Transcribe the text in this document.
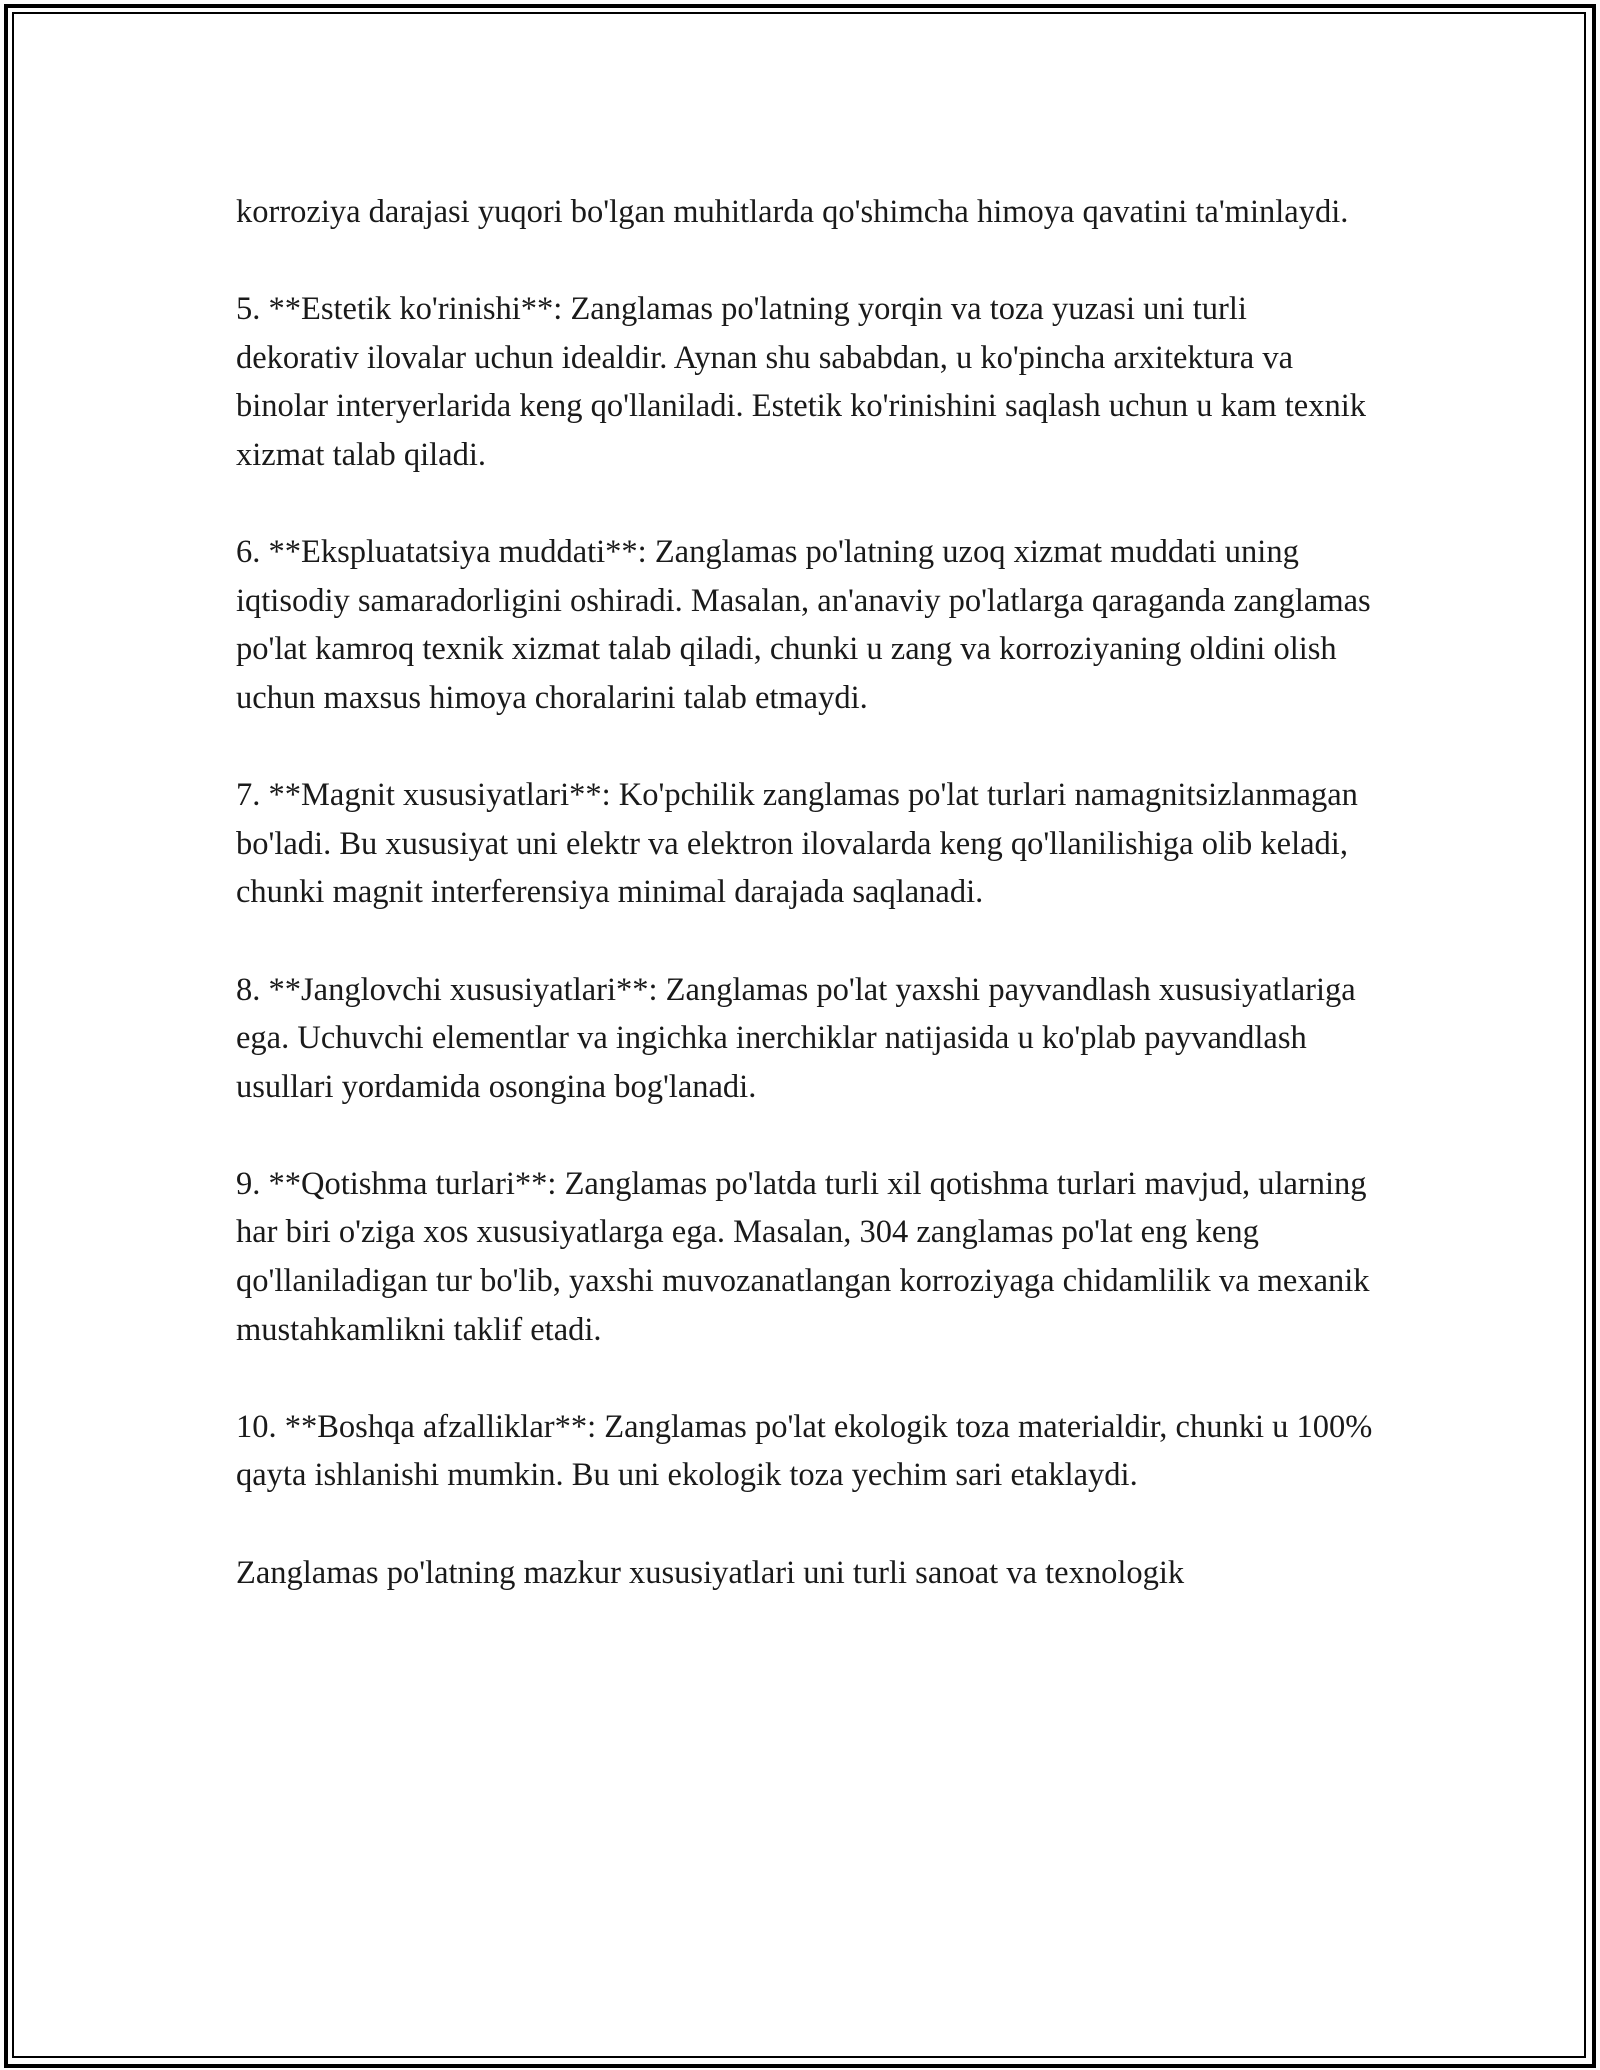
korroziya darajasi yuqori bo'lgan muhitlarda qo'shimcha himoya qavatini ta'minlaydi.

5. **Estetik ko'rinishi**: Zanglamas po'latning yorqin va toza yuzasi uni turli dekorativ ilovalar uchun idealdir. Aynan shu sababdan, u ko'pincha arxitektura va binolar interyerlarida keng qo'llaniladi. Estetik ko'rinishini saqlash uchun u kam texnik xizmat talab qiladi.

6. **Ekspluatatsiya muddati**: Zanglamas po'latning uzoq xizmat muddati uning iqtisodiy samaradorligini oshiradi. Masalan, an'anaviy po'latlarga qaraganda zanglamas po'lat kamroq texnik xizmat talab qiladi, chunki u zang va korroziyaning oldini olish uchun maxsus himoya choralarini talab etmaydi.

7. **Magnit xususiyatlari**: Ko'pchilik zanglamas po'lat turlari namagnitsizlanmagan bo'ladi. Bu xususiyat uni elektr va elektron ilovalarda keng qo'llanilishiga olib keladi, chunki magnit interferensiya minimal darajada saqlanadi.

8. **Janglovchi xususiyatlari**: Zanglamas po'lat yaxshi payvandlash xususiyatlariga ega. Uchuvchi elementlar va ingichka inerchiklar natijasida u ko'plab payvandlash usullari yordamida osongina bog'lanadi.

9. **Qotishma turlari**: Zanglamas po'latda turli xil qotishma turlari mavjud, ularning har biri o'ziga xos xususiyatlarga ega. Masalan, 304 zanglamas po'lat eng keng qo'llaniladigan tur bo'lib, yaxshi muvozanatlangan korroziyaga chidamlilik va mexanik mustahkamlikni taklif etadi.

10. **Boshqa afzalliklar**: Zanglamas po'lat ekologik toza materialdir, chunki u 100% qayta ishlanishi mumkin. Bu uni ekologik toza yechim sari etaklaydi.

Zanglamas po'latning mazkur xususiyatlari uni turli sanoat va texnologik
